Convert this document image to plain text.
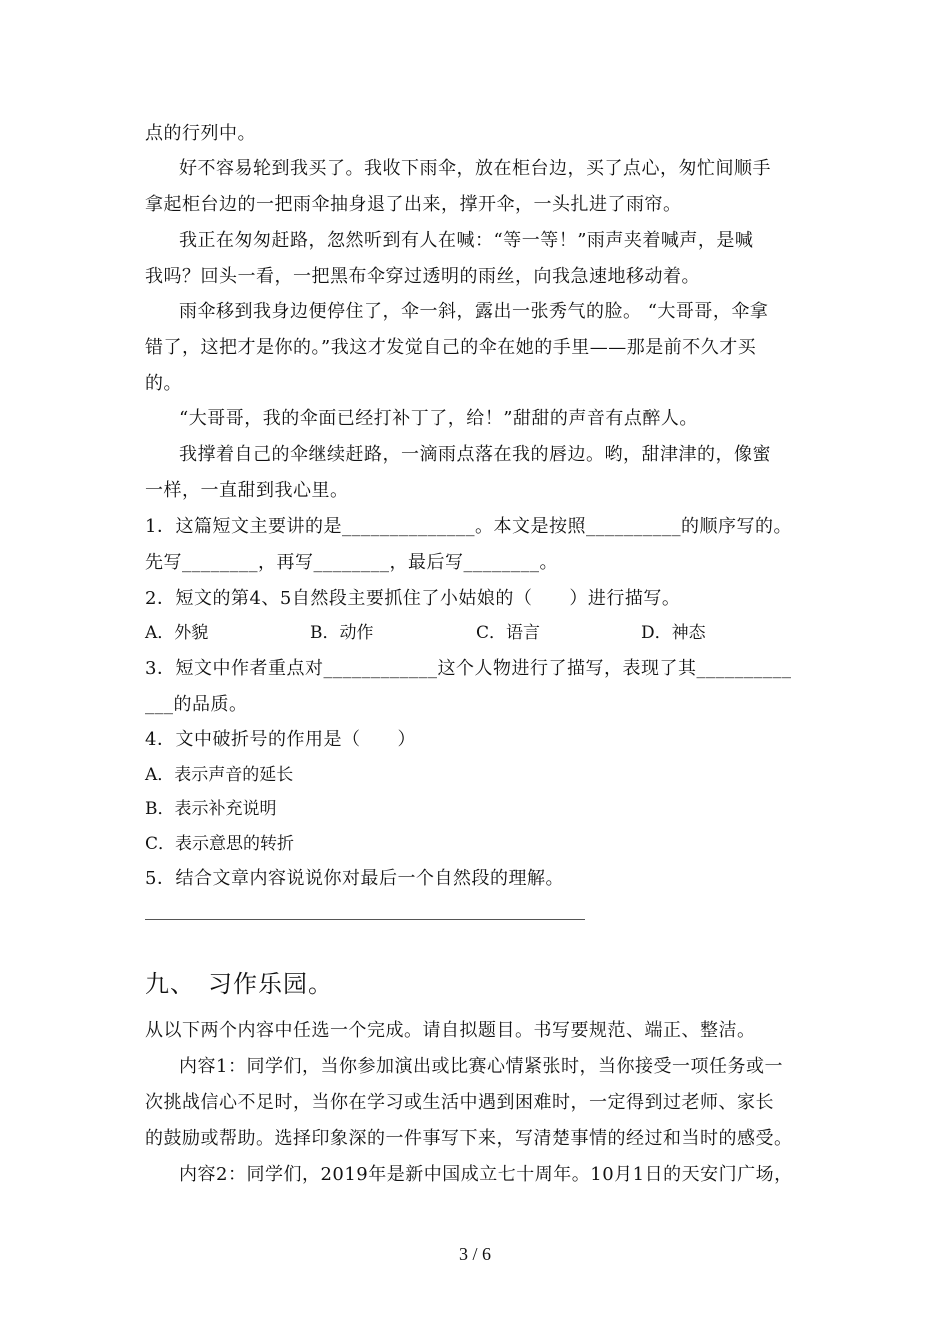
点的行列中。
好不容易轮到我买了。我收下雨伞，放在柜台边，买了点心，匆忙间顺手
拿起柜台边的一把雨伞抽身退了出来，撑开伞，一头扎进了雨帘。
我正在匆匆赶路，忽然听到有人在喊：“等一等！”雨声夹着喊声，是喊
我吗？回头一看，一把黑布伞穿过透明的雨丝，向我急速地移动着。
雨伞移到我身边便停住了，伞一斜，露出一张秀气的脸。 “大哥哥，伞拿
错了，这把才是你的。”我这才发觉自己的伞在她的手里——那是前不久才买
的。
“大哥哥，我的伞面已经打补丁了，给！”甜甜的声音有点醉人。
我撑着自己的伞继续赶路，一滴雨点落在我的唇边。哟，甜津津的，像蜜
一样，一直甜到我心里。
1．这篇短文主要讲的是______________。本文是按照__________的顺序写的。
先写________，再写________，最后写________。
2．短文的第4、5自然段主要抓住了小姑娘的（　　）进行描写。
A．外貌	B．动作	C．语言	D．神态
3．短文中作者重点对____________这个人物进行了描写，表现了其__________
___的品质。
4．文中破折号的作用是（　　）
A．表示声音的延长
B．表示补充说明
C．表示意思的转折
5．结合文章内容说说你对最后一个自然段的理解。
九、　习作乐园。
从以下两个内容中任选一个完成。请自拟题目。书写要规范、端正、整洁。
内容1：同学们，当你参加演出或比赛心情紧张时，当你接受一项任务或一
次挑战信心不足时，当你在学习或生活中遇到困难时，一定得到过老师、家长
的鼓励或帮助。选择印象深的一件事写下来，写清楚事情的经过和当时的感受。
内容2：同学们，2019年是新中国成立七十周年。10月1日的天安门广场，
3 / 6
